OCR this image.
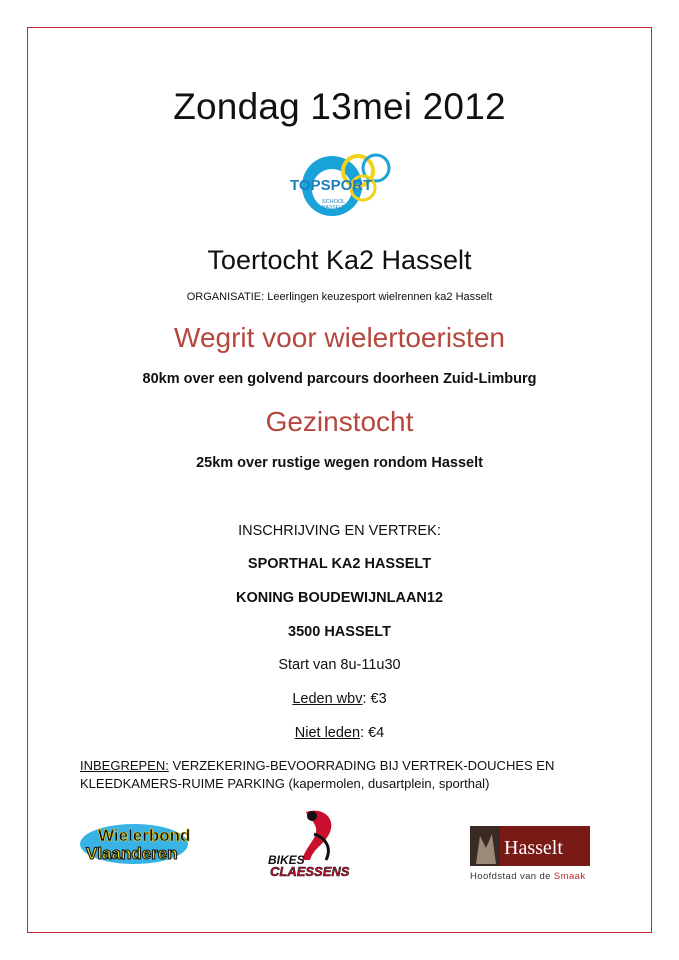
Zondag 13mei 2012
TOPSPORT
SCHOOL
HASSELT
Toertocht Ka2 Hasselt
ORGANISATIE: Leerlingen keuzesport wielrennen ka2 Hasselt
Wegrit voor wielertoeristen
80km over een golvend parcours doorheen Zuid-Limburg
Gezinstocht
25km over rustige wegen rondom Hasselt
INSCHRIJVING EN VERTREK:
SPORTHAL KA2 HASSELT
KONING BOUDEWIJNLAAN12
3500 HASSELT
Start van 8u-11u30
Leden wbv: €3
Niet leden: €4
INBEGREPEN: VERZEKERING-BEVOORRADING BIJ VERTREK-DOUCHES EN KLEEDKAMERS-RUIME PARKING (kapermolen, dusartplein, sporthal)
Wielerbond
Vlaanderen	BIKES
CLAESSENS
Hasselt
Hoofdstad van de Smaak
